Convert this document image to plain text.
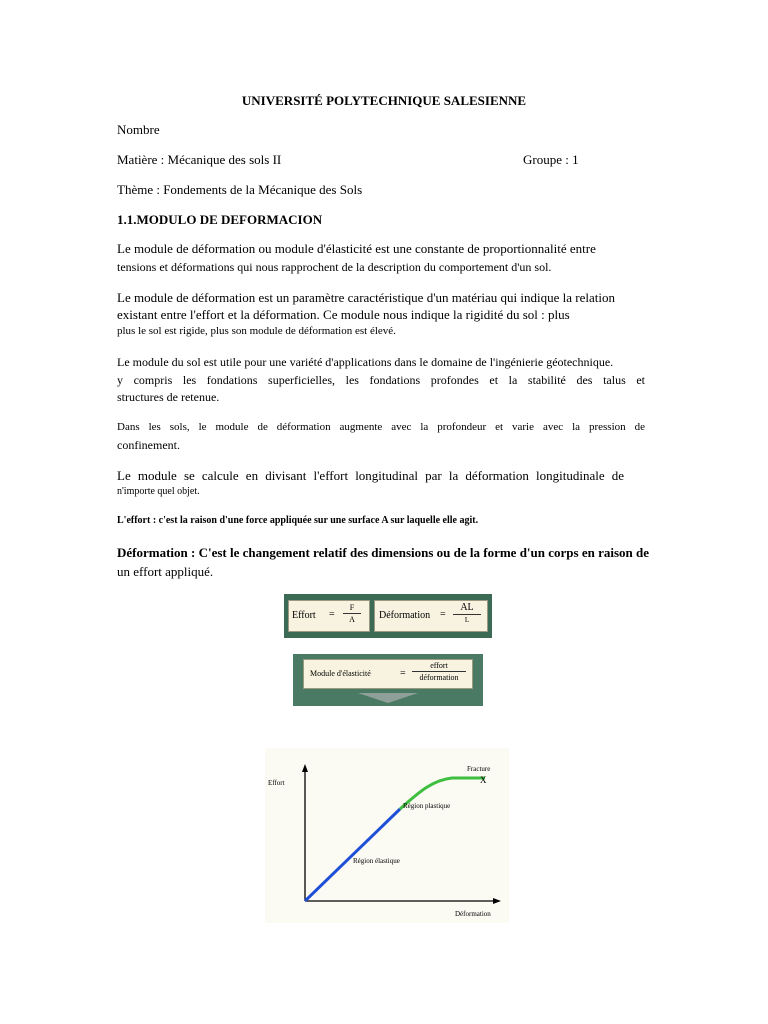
UNIVERSITÉ POLYTECHNIQUE SALESIENNE
Nombre
Matière : Mécanique des sols II	Groupe : 1
Thème : Fondements de la Mécanique des Sols
1.1.MODULO DE DEFORMACION
Le module de déformation ou module d'élasticité est une constante de proportionnalité entre
tensions et déformations qui nous rapprochent de la description du comportement d'un sol.
Le module de déformation est un paramètre caractéristique d'un matériau qui indique la relation
existant entre l'effort et la déformation. Ce module nous indique la rigidité du sol : plus
plus le sol est rigide, plus son module de déformation est élevé.
Le module du sol est utile pour une variété d'applications dans le domaine de l'ingénierie géotechnique.
y compris les fondations superficielles, les fondations profondes et la stabilité des talus et
structures de retenue.
Dans les sols, le module de déformation augmente avec la profondeur et varie avec la pression de
confinement.
Le module se calcule en divisant l'effort longitudinal par la déformation longitudinale de
n'importe quel objet.
L'effort : c'est la raison d'une force appliquée sur une surface A sur laquelle elle agit.
Déformation : C'est le changement relatif des dimensions ou de la forme d'un corps en raison de
un effort appliqué.
Effort =
F
A	Déformation =
AL
L
Module d'élasticité	=
effort
déformation
Effort
Déformation
Fracture
X
Région plastique
Région élastique
